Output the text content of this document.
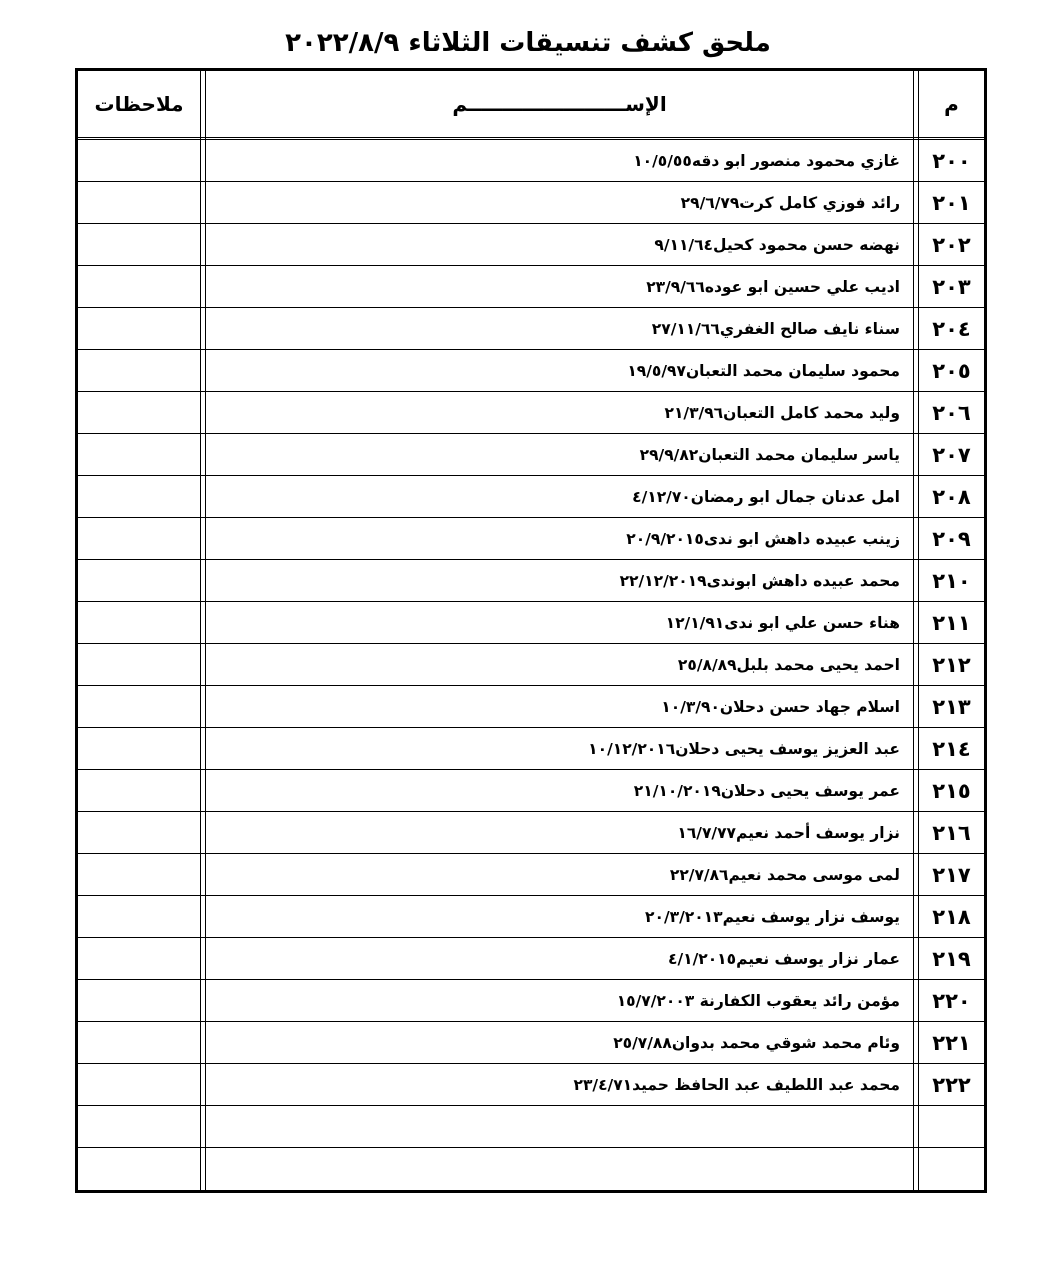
ملحق كشف تنسيقات الثلاثاء ٢٠٢٢/٨/٩
م
الإســـــــــــــــــــــــم
ملاحظات
٢٠٠
غازي محمود منصور ابو دقه١٠/٥/٥٥
٢٠١
رائد فوزي كامل كرت٢٩/٦/٧٩
٢٠٢
نهضه حسن محمود كحيل٩/١١/٦٤
٢٠٣
اديب علي حسين ابو عوده٢٣/٩/٦٦
٢٠٤
سناء نايف صالح الغفري٢٧/١١/٦٦
٢٠٥
محمود سليمان محمد التعبان١٩/٥/٩٧
٢٠٦
وليد محمد كامل التعبان٢١/٣/٩٦
٢٠٧
ياسر سليمان محمد التعبان٢٩/٩/٨٢
٢٠٨
امل عدنان جمال ابو رمضان٤/١٢/٧٠
٢٠٩
زينب عبيده داهش ابو ندى٢٠/٩/٢٠١٥
٢١٠
محمد عبيده داهش ابوندى٢٢/١٢/٢٠١٩
٢١١
هناء حسن علي ابو ندى١٢/١/٩١
٢١٢
احمد يحيى محمد بلبل٢٥/٨/٨٩
٢١٣
اسلام جهاد حسن دحلان١٠/٣/٩٠
٢١٤
عبد العزيز يوسف يحيى دحلان١٠/١٢/٢٠١٦
٢١٥
عمر يوسف يحيى دحلان٢١/١٠/٢٠١٩
٢١٦
نزار يوسف أحمد نعيم١٦/٧/٧٧
٢١٧
لمى موسى محمد نعيم٢٢/٧/٨٦
٢١٨
يوسف نزار يوسف نعيم٢٠/٣/٢٠١٣
٢١٩
عمار نزار يوسف نعيم٤/١/٢٠١٥
٢٢٠
مؤمن رائد يعقوب الكفارنة ١٥/٧/٢٠٠٣
٢٢١
وئام محمد شوقي محمد بدوان٢٥/٧/٨٨
٢٢٢
محمد عبد اللطيف عبد الحافظ حميد٢٣/٤/٧١
